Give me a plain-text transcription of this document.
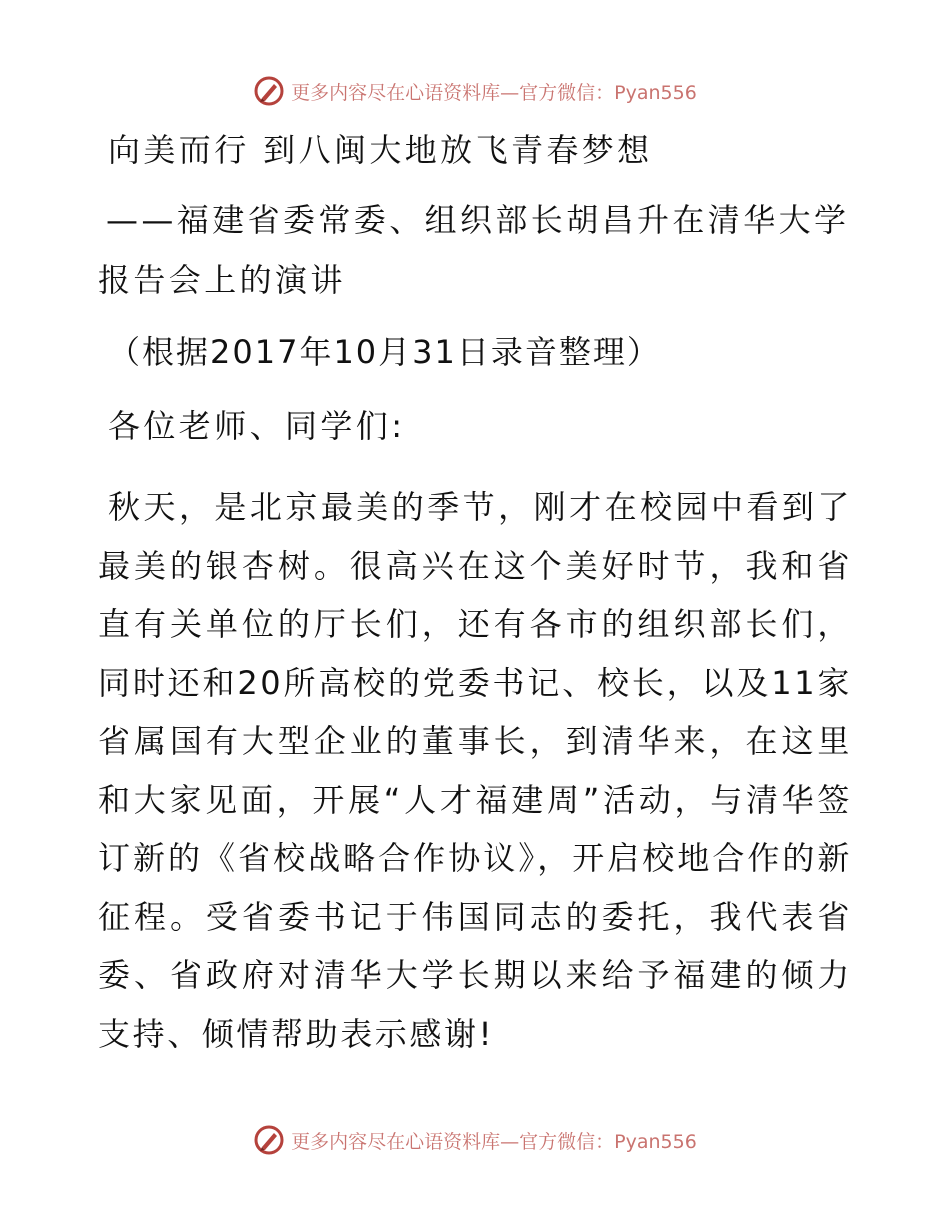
更多内容尽在心语资料库— 官方微信：Pyan556
向美而行 到八闽大地放飞青春梦想
——福建省委常委、组织部长胡昌升在清华大学
报告会上的演讲
（根据2017年10月31日录音整理）
各位老师、同学们:
秋天，是北京最美的季节，刚才在校园中看到了最美的银杏树。很高兴在这个美好时节，我和省直有关单位的厅长们，还有各市的组织部长们，同时还和20所高校的党委书记、校长，以及11家省属国有大型企业的董事长，到清华来，在这里和大家见面，开展“人才福建周”活动，与清华签订新的《省校战略合作协议》，开启校地合作的新征程。受省委书记于伟国同志的委托，我代表省委、省政府对清华大学长期以来给予福建的倾力支持、倾情帮助表示感谢!
更多内容尽在心语资料库— 官方微信：Pyan556
